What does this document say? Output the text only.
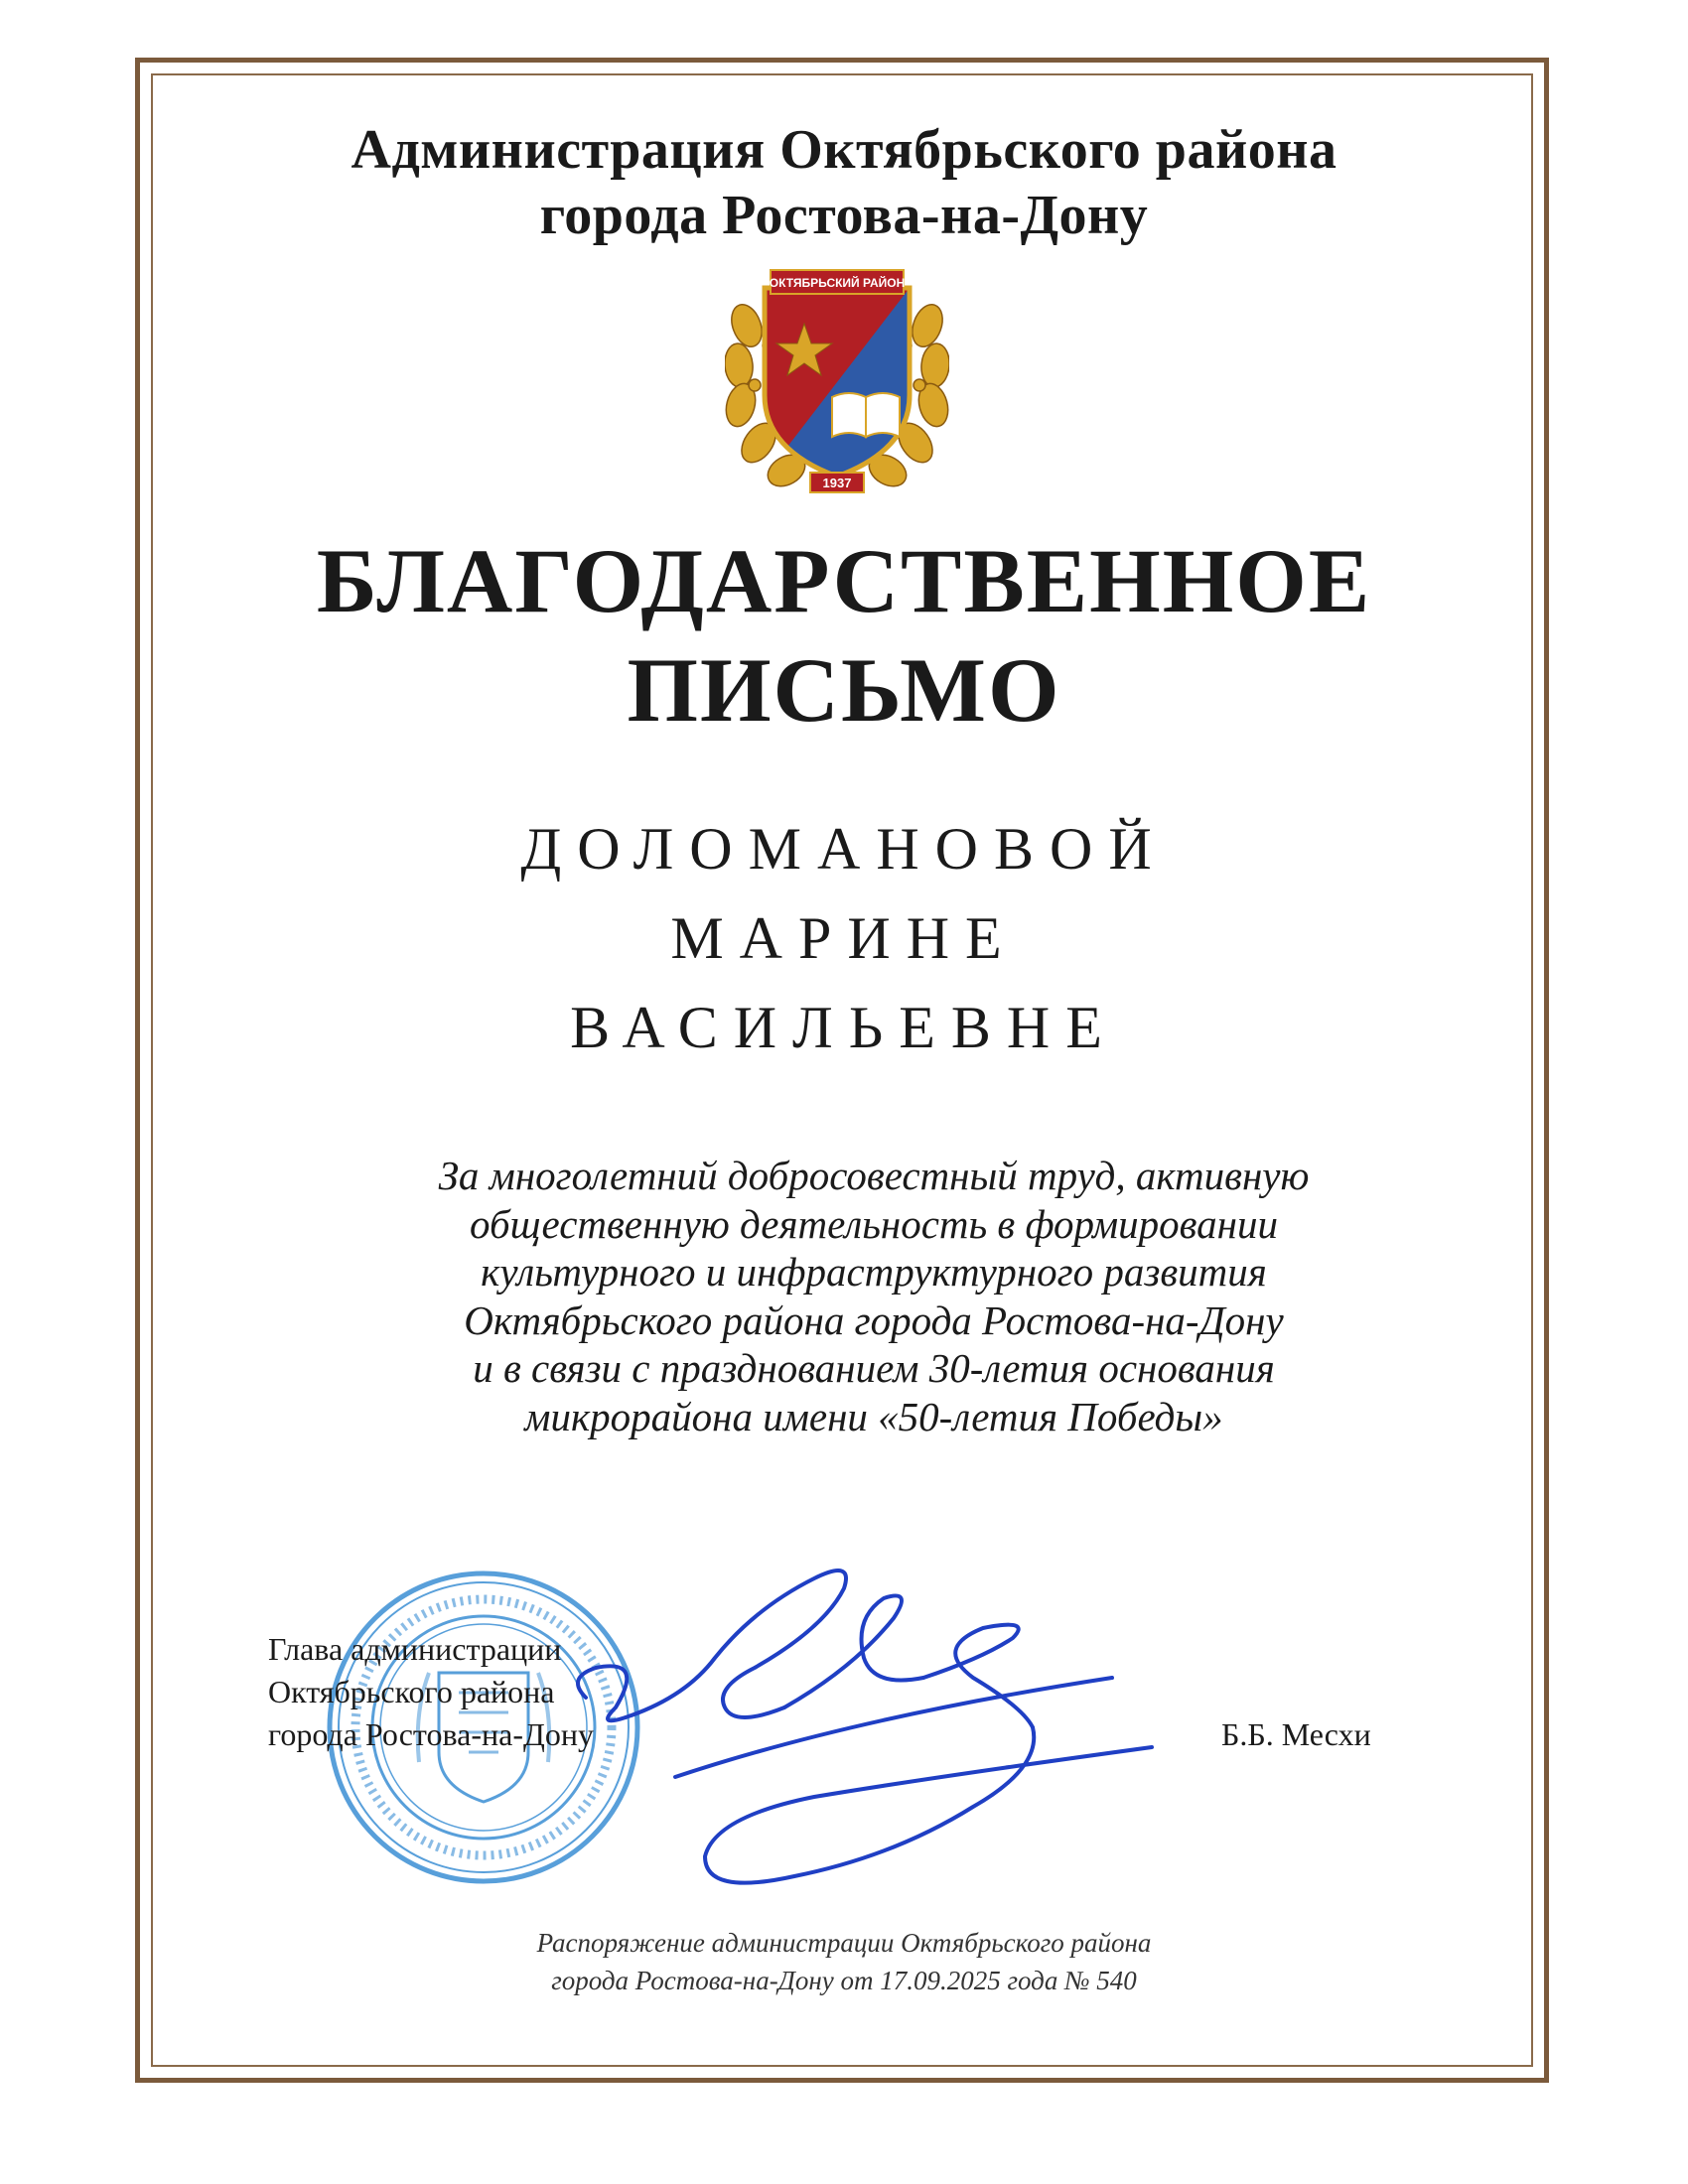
Администрация Октябрьского района
города Ростова-на-Дону
ОКТЯБРЬСКИЙ РАЙОН
1937
БЛАГОДАРСТВЕННОЕ
ПИСЬМО
ДОЛОМАНОВОЙ
МАРИНЕ
ВАСИЛЬЕВНЕ
За многолетний добросовестный труд, активную
общественную деятельность в формировании
культурного и инфраструктурного развития
Октябрьского района города Ростова-на-Дону
и в связи с празднованием 30-летия основания
микрорайона имени «50-летия Победы»
Глава администрации
Октябрьского района
города Ростова-на-Дону	Б.Б. Месхи
Распоряжение администрации Октябрьского района
города Ростова-на-Дону от 17.09.2025 года № 540
